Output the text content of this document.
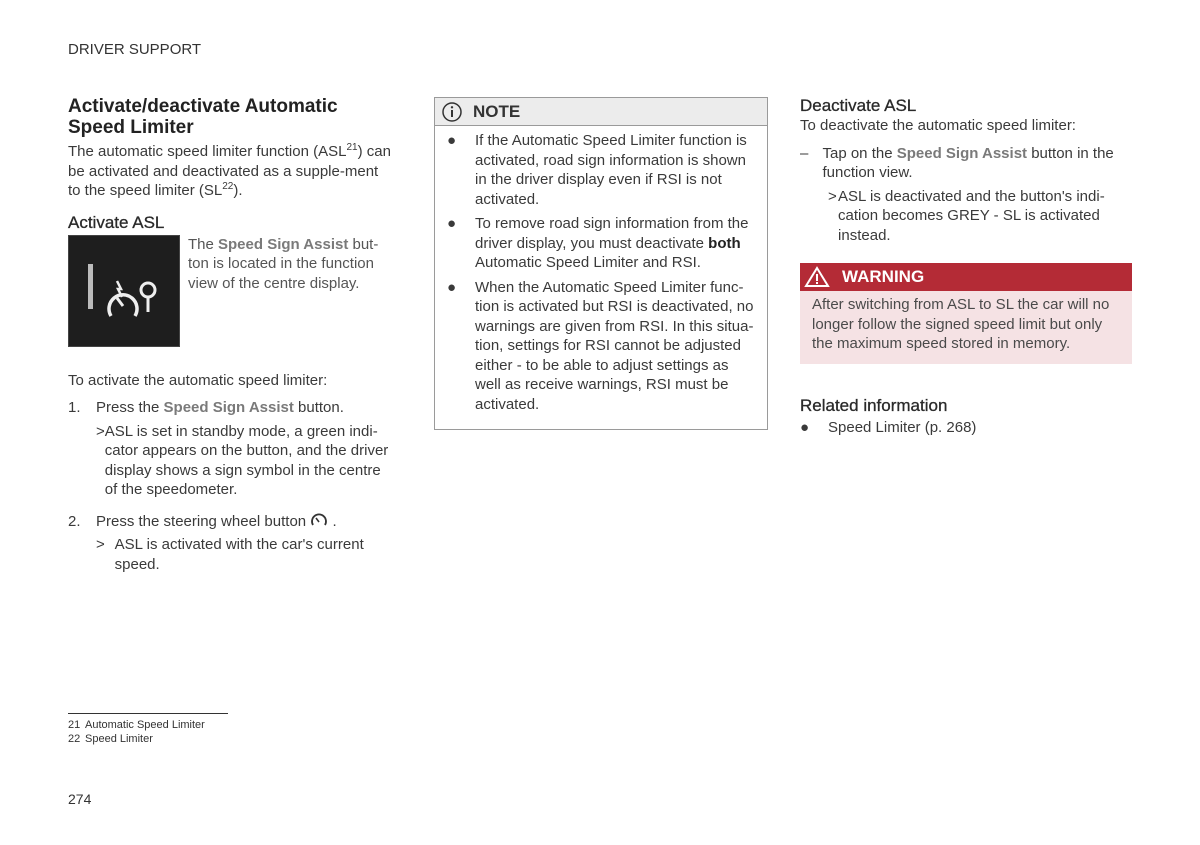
DRIVER SUPPORT
Activate/deactivate Automatic Speed Limiter

The automatic speed limiter function (ASL$^{21}$) can be activated and deactivated as a supple-ment to the speed limiter (SL$^{22}$).

Activate ASL

The Speed Sign Assist but-ton is located in the function view of the centre display.

To activate the automatic speed limiter:

1.	Press the Speed Sign Assist button.
> ASL is set in standby mode, a green indi-cator appears on the button, and the driver display shows a sign symbol in the centre of the speedometer.
2.	Press the steering wheel button  .
> ASL is activated with the car's current speed.
NOTE
●	If the Automatic Speed Limiter function is activated, road sign information is shown in the driver display even if RSI is not activated.
●	To remove road sign information from the driver display, you must deactivate both Automatic Speed Limiter and RSI.
●	When the Automatic Speed Limiter func-tion is activated but RSI is deactivated, no warnings are given from RSI. In this situa-tion, settings for RSI cannot be adjusted either - to be able to adjust settings as well as receive warnings, RSI must be activated.
Deactivate ASL

To deactivate the automatic speed limiter:

– Tap on the Speed Sign Assist button in the function view.
> ASL is deactivated and the button's indi-cation becomes GREY - SL is activated instead.
WARNING
After switching from ASL to SL the car will no longer follow the signed speed limit but only the maximum speed stored in memory.
Related information
●	Speed Limiter (p. 268)
21 Automatic Speed Limiter
22 Speed Limiter
274
